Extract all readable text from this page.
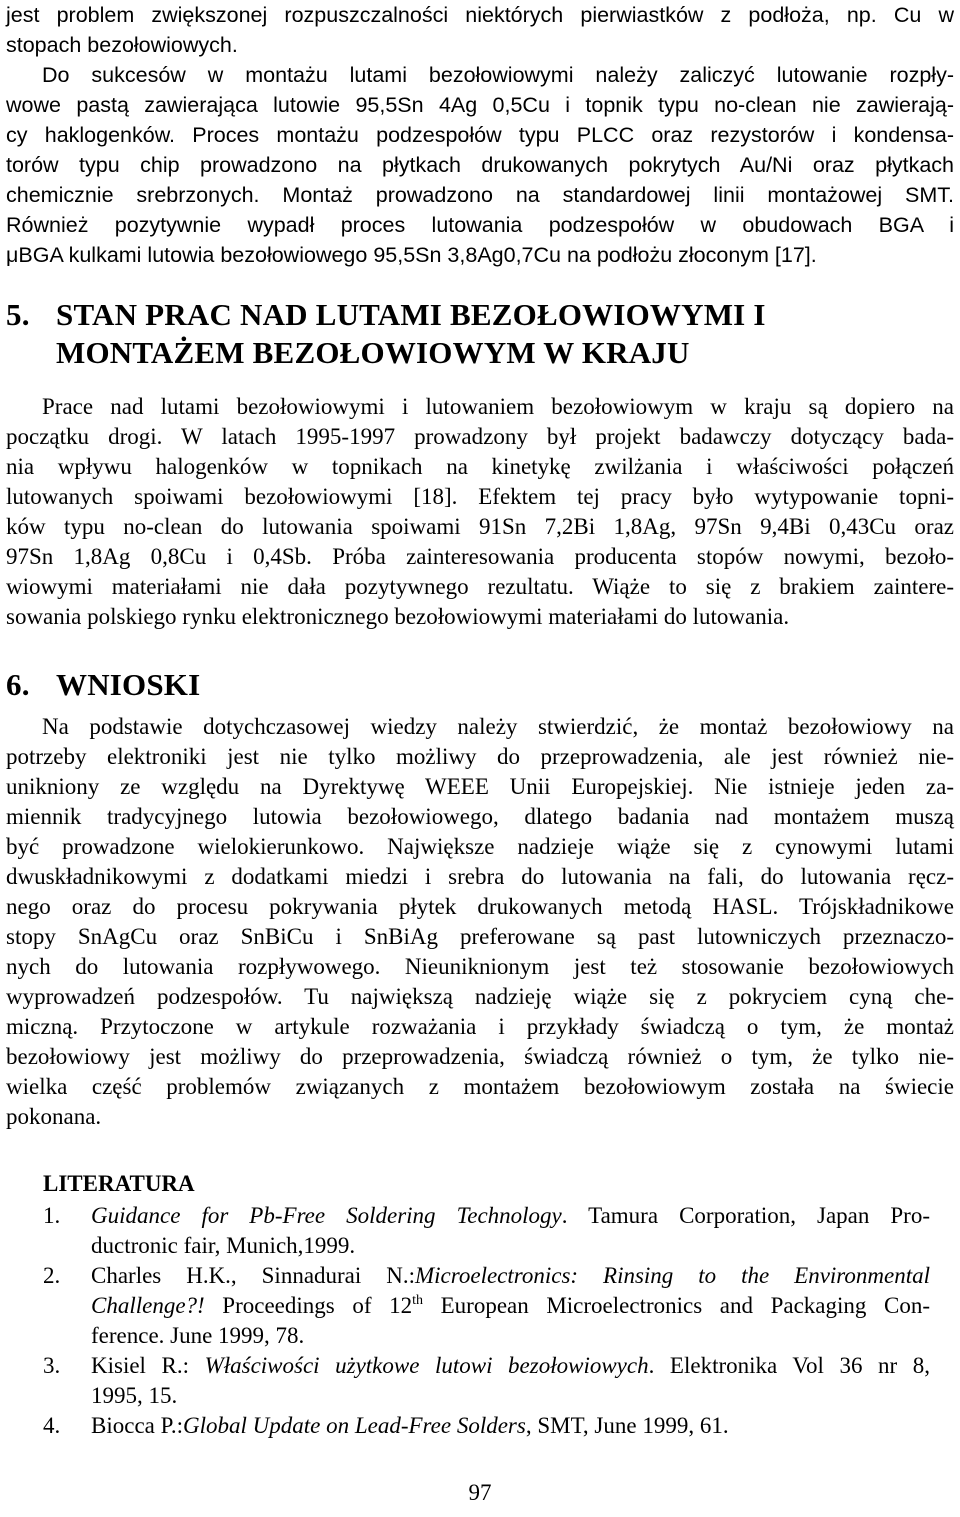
jest problem zwiększonej rozpuszczalności niektórych pierwiastków z podłoża, np. Cu w
stopach bezołowiowych.
Do sukcesów w montażu lutami bezołowiowymi należy zaliczyć lutowanie rozpły-
wowe pastą zawierająca lutowie 95,5Sn 4Ag 0,5Cu i topnik typu no-clean nie zawierają-
cy haklogenków. Proces montażu podzespołów typu PLCC oraz rezystorów i kondensa-
torów typu chip prowadzono na płytkach drukowanych pokrytych Au/Ni oraz płytkach
chemicznie srebrzonych. Montaż prowadzono na standardowej linii montażowej SMT.
Również pozytywnie wypadł proces lutowania podzespołów w obudowach BGA i
μBGA kulkami lutowia bezołowiowego 95,5Sn 3,8Ag0,7Cu na podłożu złoconym [17].
5. STAN PRAC NAD LUTAMI BEZOŁOWIOWYMI I
MONTAŻEM BEZOŁOWIOWYM W KRAJU
Prace nad lutami bezołowiowymi i lutowaniem bezołowiowym w kraju są dopiero na
początku drogi. W latach 1995-1997 prowadzony był projekt badawczy dotyczący bada-
nia wpływu halogenków w topnikach na kinetykę zwilżania i właściwości połączeń
lutowanych spoiwami bezołowiowymi [18]. Efektem tej pracy było wytypowanie topni-
ków typu no-clean do lutowania spoiwami 91Sn 7,2Bi 1,8Ag, 97Sn 9,4Bi 0,43Cu oraz
97Sn 1,8Ag 0,8Cu i 0,4Sb. Próba zainteresowania producenta stopów nowymi, bezoło-
wiowymi materiałami nie dała pozytywnego rezultatu. Wiąże to się z brakiem zaintere-
sowania polskiego rynku elektronicznego bezołowiowymi materiałami do lutowania.
6. WNIOSKI
Na podstawie dotychczasowej wiedzy należy stwierdzić, że montaż bezołowiowy na
potrzeby elektroniki jest nie tylko możliwy do przeprowadzenia, ale jest również nie-
uniknionу ze względu na Dyrektywę WEEE Unii Europejskiej. Nie istnieje jeden za-
miennik tradycyjnego lutowia bezołowiowego, dlatego badania nad montażem muszą
być prowadzone wielokierunkowo. Największe nadzieje wiąże się z cynowymi lutami
dwuskładnikowymi z dodatkami miedzi i srebra do lutowania na fali, do lutowania ręcz-
nego oraz do procesu pokrywania płytek drukowanych metodą HASL. Trójskładnikowe
stopy SnAgCu oraz SnBiCu i SnBiAg preferowane są past lutowniczych przeznaczo-
nych do lutowania rozpływowego. Nieuniknionym jest też stosowanie bezołowiowych
wyprowadzeń podzespołów. Tu największą nadzieję wiąże się z pokryciem cyną che-
miczną. Przytoczone w artykule rozważania i przykłady świadczą o tym, że montaż
bezołowiowy jest możliwy do przeprowadzenia, świadczą również o tym, że tylko nie-
wielka część problemów związanych z montażem bezołowiowym została na świecie
pokonana.
LITERATURA
1. Guidance for Pb-Free Soldering Technology. Tamura Corporation, Japan Pro-
ductronic fair, Munich,1999.
2. Charles H.K., Sinnadurai N.:Microelectronics: Rinsing to the Environmental
Challenge?! Proceedings of 12th European Microelectronics and Packaging Con-
ference. June 1999, 78.
3. Kisiel R.: Właściwości użytkowe lutowi bezołowiowych. Elektronika Vol 36 nr 8,
1995, 15.
4. Biocca P.:Global Update on Lead-Free Solders, SMT, June 1999, 61.
97
